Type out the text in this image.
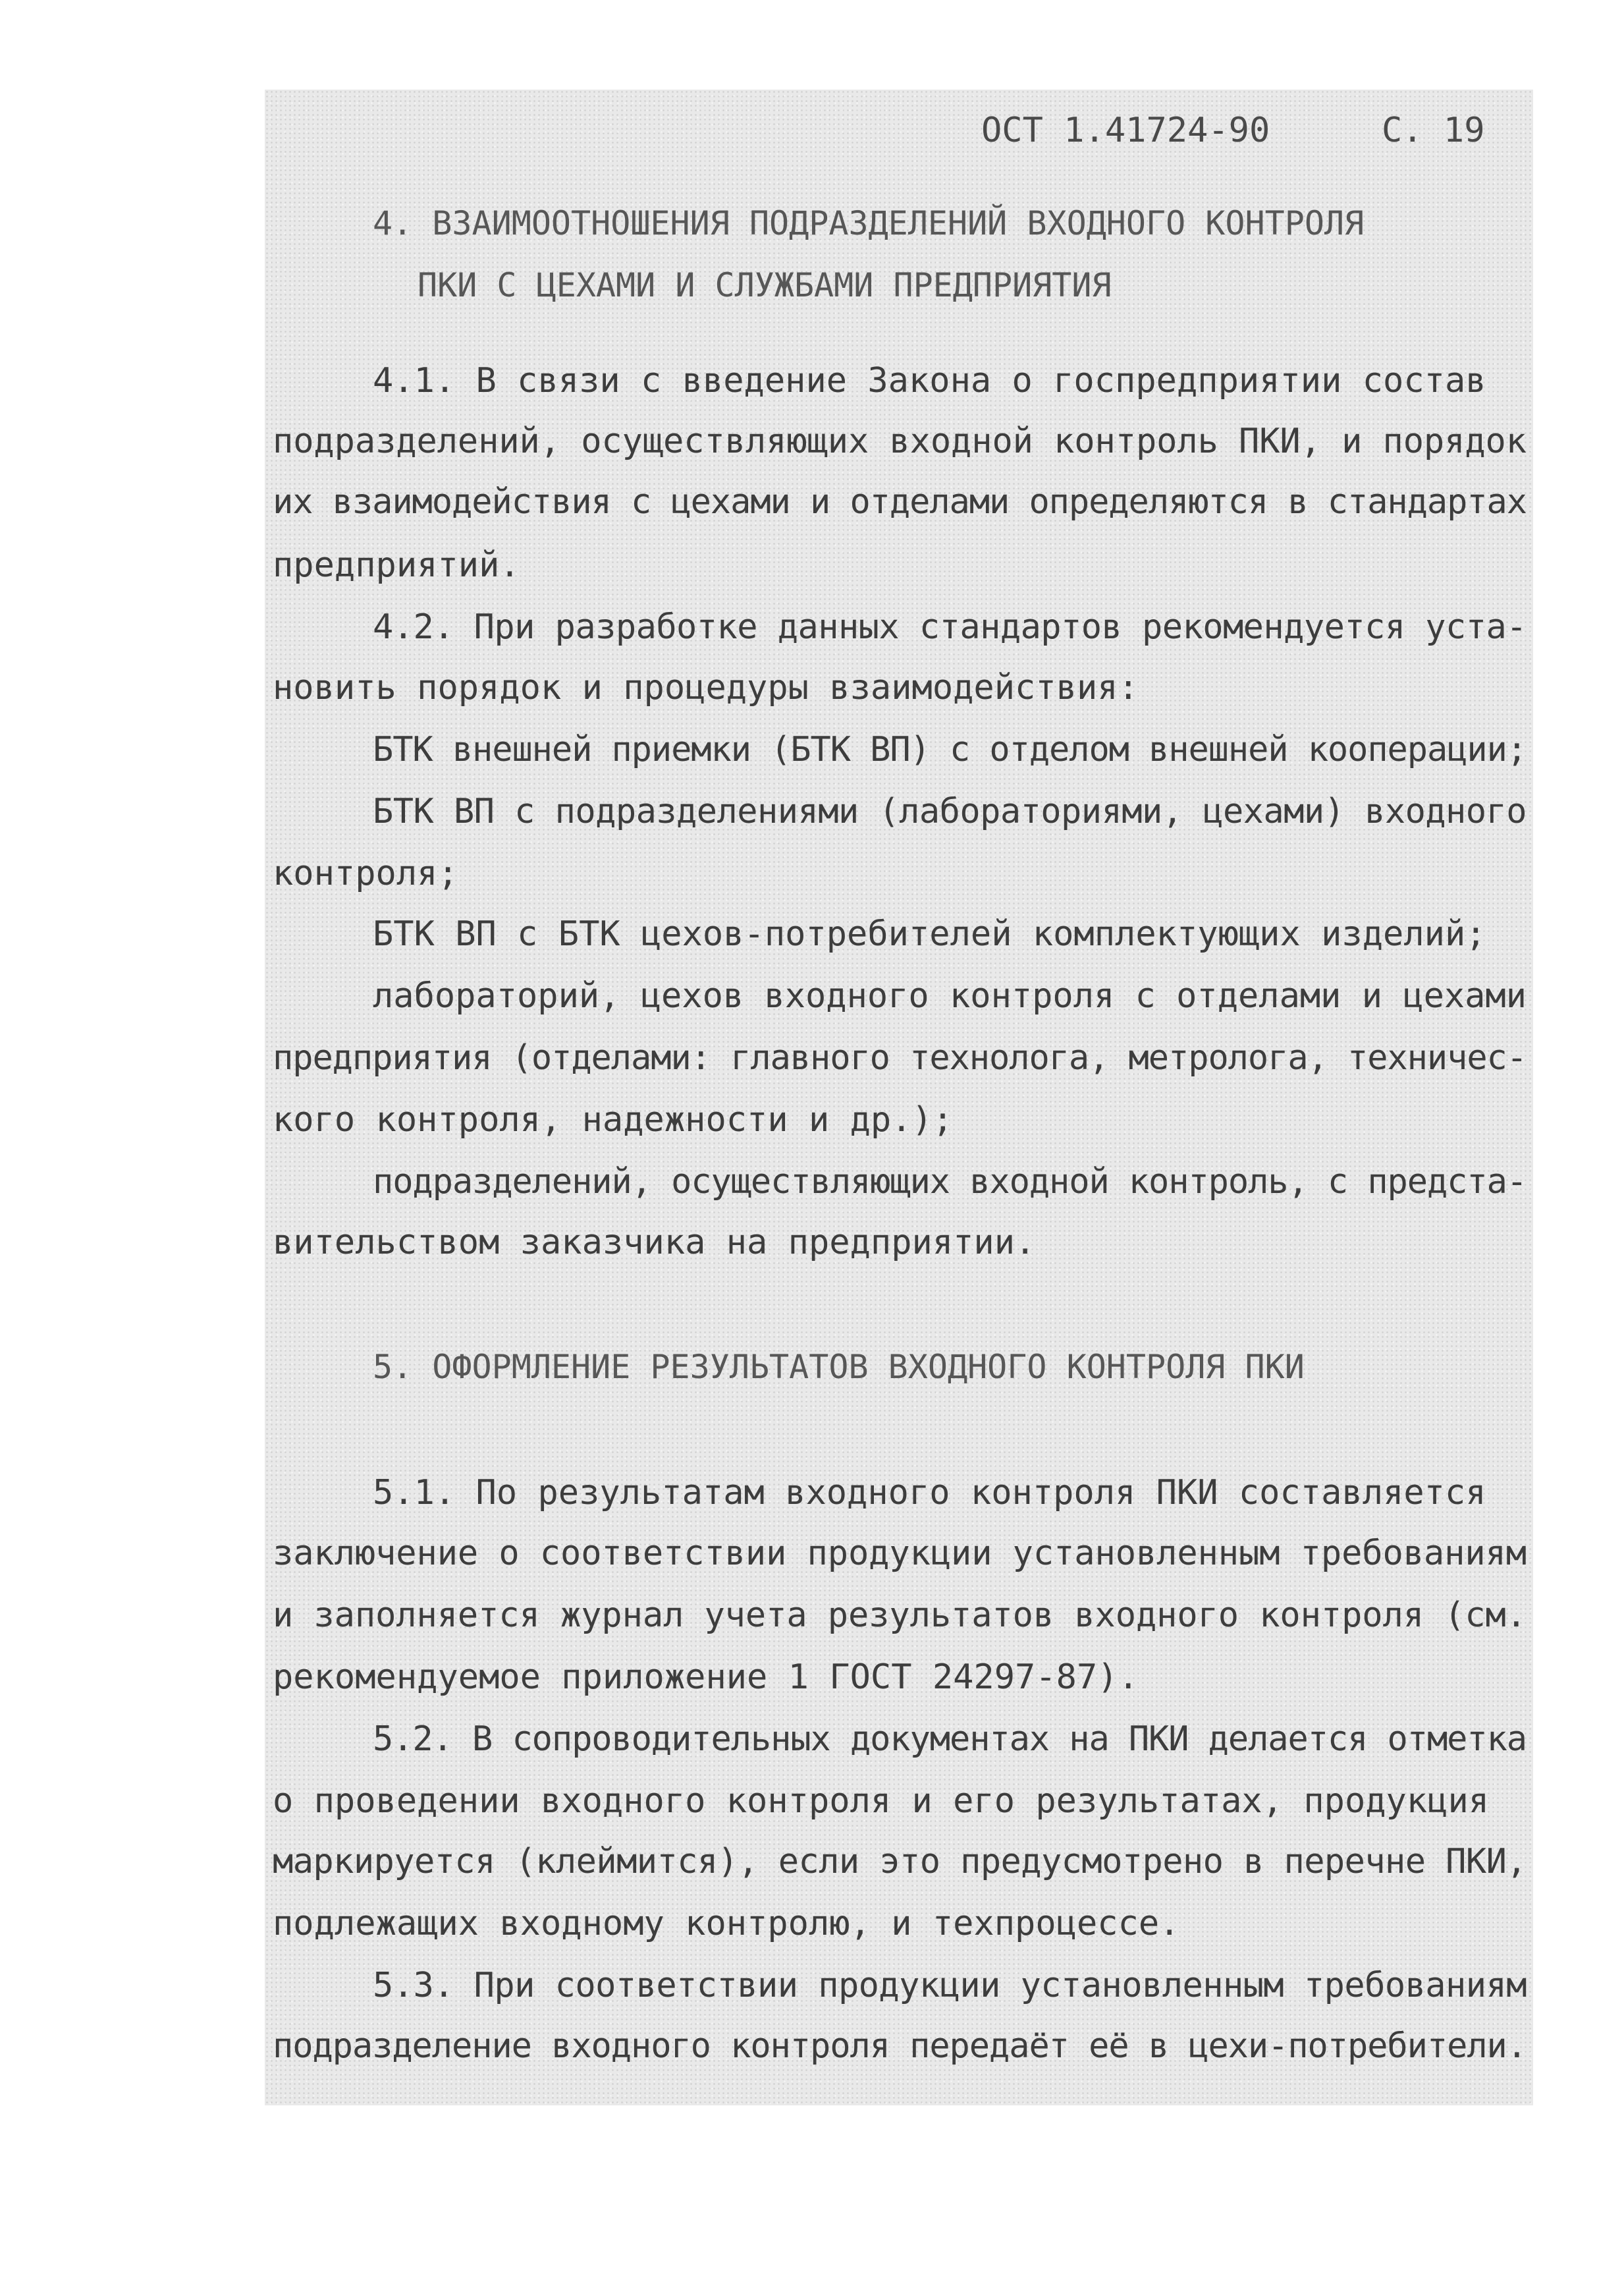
ОСТ 1.41724-90	С. 19
4. ВЗАИМООТНОШЕНИЯ ПОДРАЗДЕЛЕНИЙ ВХОДНОГО КОНТРОЛЯ
ПКИ С ЦЕХАМИ И СЛУЖБАМИ ПРЕДПРИЯТИЯ
4.1. В связи с введение Закона о госпредприятии состав
подразделений, осуществляющих входной контроль ПКИ, и порядок
их взаимодействия с цехами и отделами определяются в стандартах
предприятий.
4.2. При разработке данных стандартов рекомендуется уста-
новить порядок и процедуры взаимодействия:
БТК внешней приемки (БТК ВП) с отделом внешней кооперации;
БТК ВП с подразделениями (лабораториями, цехами) входного
контроля;
БТК ВП с БТК цехов-потребителей комплектующих изделий;
лабораторий, цехов входного контроля с отделами и цехами
предприятия (отделами: главного технолога, метролога, техничес-
кого контроля, надежности и др.);
подразделений, осуществляющих входной контроль, с предста-
вительством заказчика на предприятии.
5. ОФОРМЛЕНИЕ РЕЗУЛЬТАТОВ ВХОДНОГО КОНТРОЛЯ ПКИ
5.1. По результатам входного контроля ПКИ составляется
заключение о соответствии продукции установленным требованиям
и заполняется журнал учета результатов входного контроля (см.
рекомендуемое приложение 1 ГОСТ 24297-87).
5.2. В сопроводительных документах на ПКИ делается отметка
о проведении входного контроля и его результатах, продукция
маркируется (клеймится), если это предусмотрено в перечне ПКИ,
подлежащих входному контролю, и техпроцессе.
5.3. При соответствии продукции установленным требованиям
подразделение входного контроля передаёт её в цехи-потребители.
